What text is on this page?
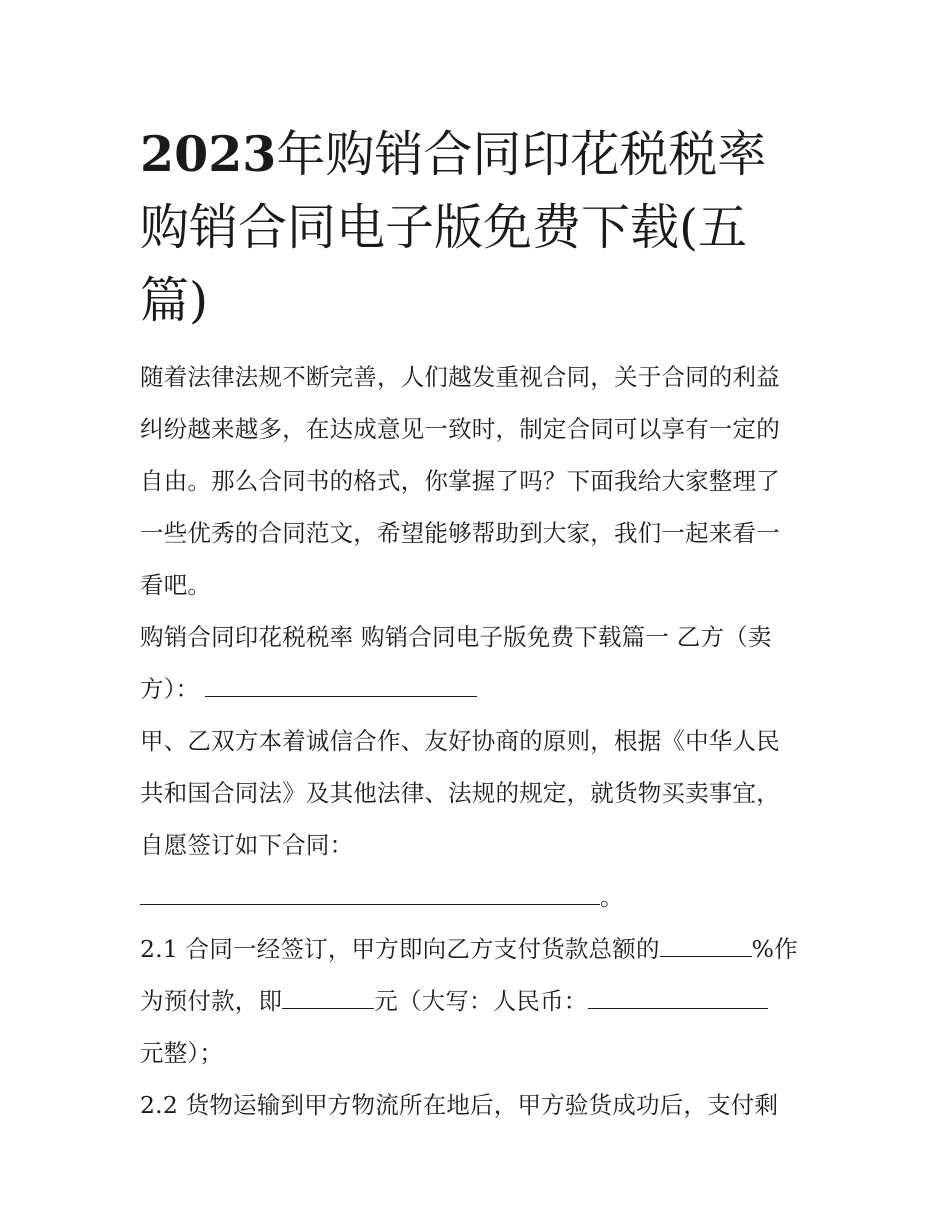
2023年购销合同印花税税率
购销合同电子版免费下载(五
篇)

随着法律法规不断完善，人们越发重视合同，关于合同的利益
纠纷越来越多，在达成意见一致时，制定合同可以享有一定的
自由。那么合同书的格式，你掌握了吗？下面我给大家整理了
一些优秀的合同范文，希望能够帮助到大家，我们一起来看一
看吧。

购销合同印花税税率 购销合同电子版免费下载篇一 乙方（卖
方）：

甲、乙双方本着诚信合作、友好协商的原则，根据《中华人民
共和国合同法》及其他法律、法规的规定，就货物买卖事宜，
自愿签订如下合同：

。

2.1 合同一经签订，甲方即向乙方支付货款总额的	%作
为预付款，即	元（大写：人民币：
元整）；

2.2 货物运输到甲方物流所在地后，甲方验货成功后，支付剩
